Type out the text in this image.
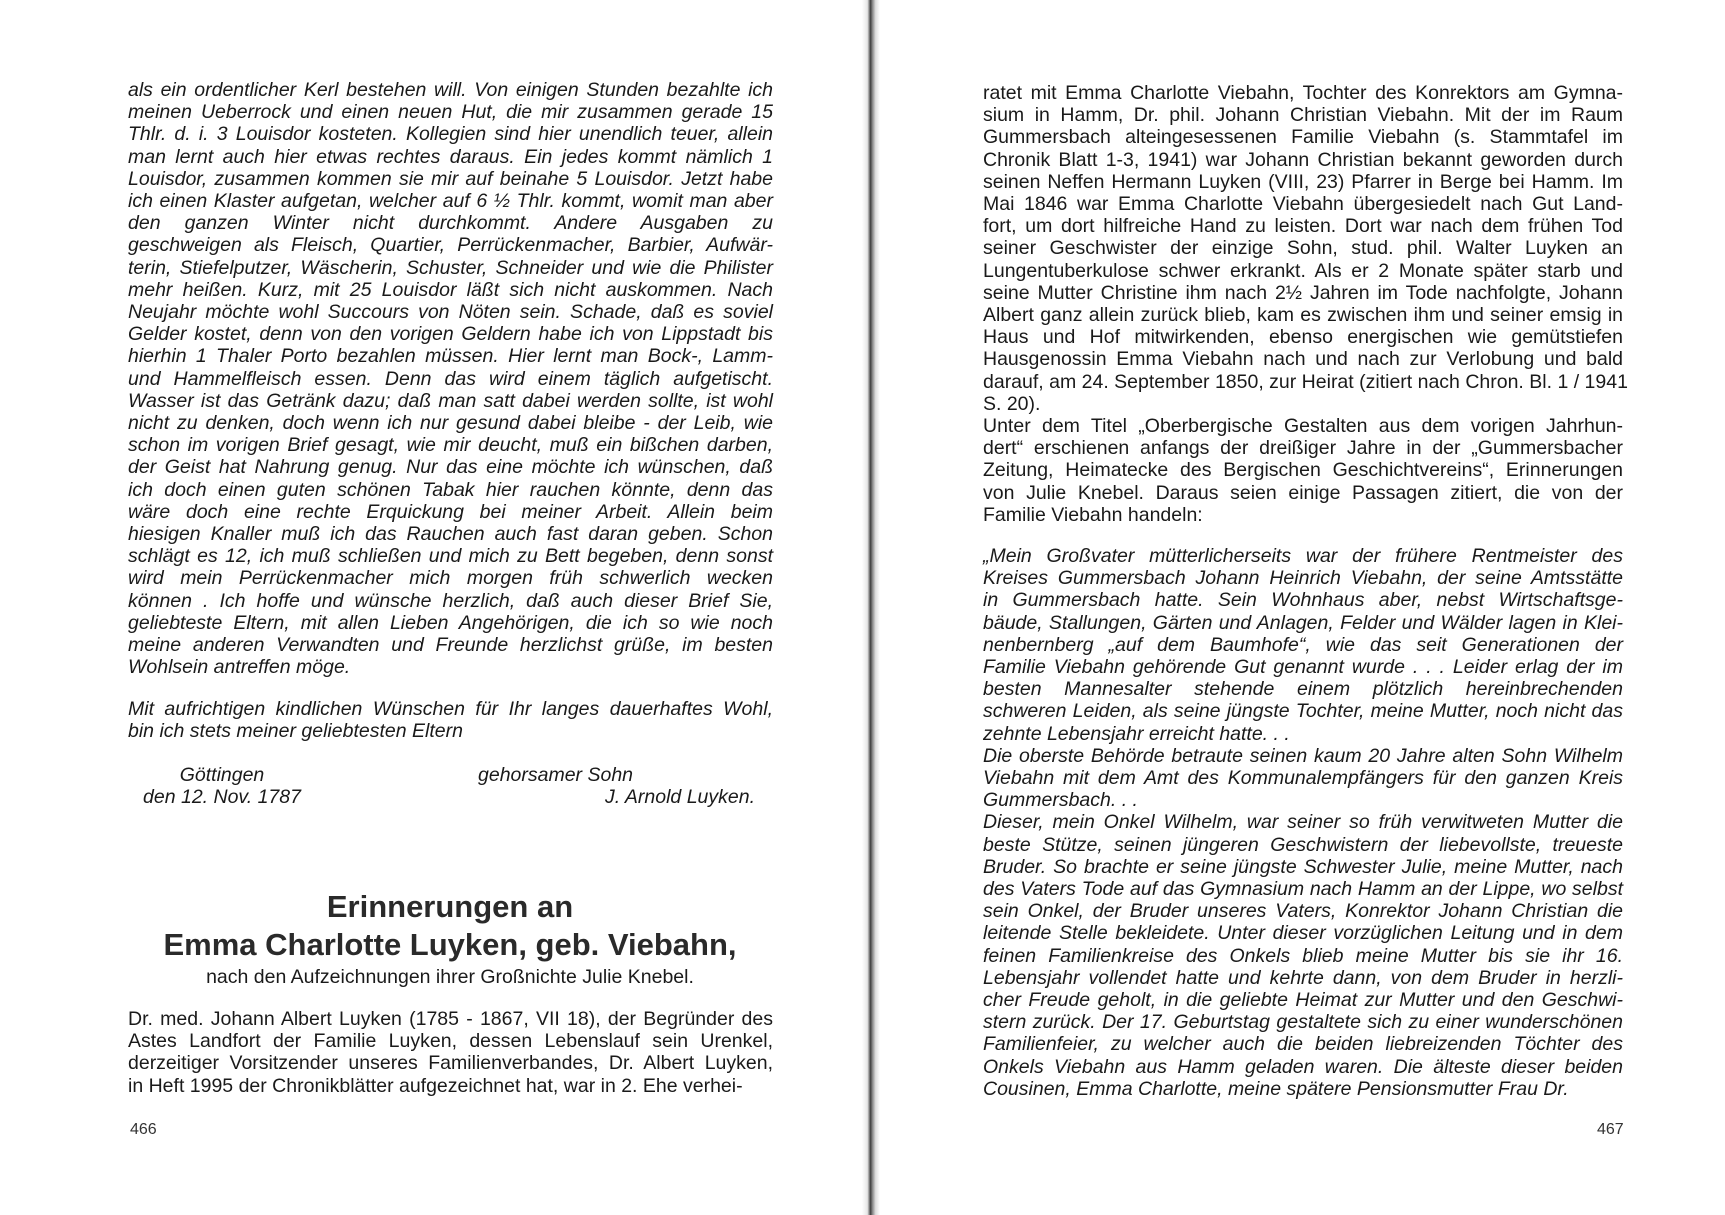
als ein ordentlicher Kerl bestehen will. Von einigen Stunden bezahlte ich
meinen Ueberrock und einen neuen Hut, die mir zusammen gerade 15
Thlr. d. i. 3 Louisdor kosteten. Kollegien sind hier unendlich teuer, allein
man lernt auch hier etwas rechtes daraus. Ein jedes kommt nämlich 1
Louisdor, zusammen kommen sie mir auf beinahe 5 Louisdor. Jetzt habe
ich einen Klaster aufgetan, welcher auf 6 ½ Thlr. kommt, womit man aber
den ganzen Winter nicht durchkommt. Andere Ausgaben zu
geschweigen als Fleisch, Quartier, Perrückenmacher, Barbier, Aufwär-
terin, Stiefelputzer, Wäscherin, Schuster, Schneider und wie die Philister
mehr heißen. Kurz, mit 25 Louisdor läßt sich nicht auskommen. Nach
Neujahr möchte wohl Succours von Nöten sein. Schade, daß es soviel
Gelder kostet, denn von den vorigen Geldern habe ich von Lippstadt bis
hierhin 1 Thaler Porto bezahlen müssen. Hier lernt man Bock-, Lamm-
und Hammelfleisch essen. Denn das wird einem täglich aufgetischt.
Wasser ist das Getränk dazu; daß man satt dabei werden sollte, ist wohl
nicht zu denken, doch wenn ich nur gesund dabei bleibe - der Leib, wie
schon im vorigen Brief gesagt, wie mir deucht, muß ein bißchen darben,
der Geist hat Nahrung genug. Nur das eine möchte ich wünschen, daß
ich doch einen guten schönen Tabak hier rauchen könnte, denn das
wäre doch eine rechte Erquickung bei meiner Arbeit. Allein beim
hiesigen Knaller muß ich das Rauchen auch fast daran geben. Schon
schlägt es 12, ich muß schließen und mich zu Bett begeben, denn sonst
wird mein Perrückenmacher mich morgen früh schwerlich wecken
können . Ich hoffe und wünsche herzlich, daß auch dieser Brief Sie,
geliebteste Eltern, mit allen Lieben Angehörigen, die ich so wie noch
meine anderen Verwandten und Freunde herzlichst grüße, im besten
Wohlsein antreffen möge.
Mit aufrichtigen kindlichen Wünschen für Ihr langes dauerhaftes Wohl,
bin ich stets meiner geliebtesten Eltern
Göttingen
den 12. Nov. 1787
gehorsamer Sohn
J. Arnold Luyken.
Erinnerungen an
Emma Charlotte Luyken, geb. Viebahn,

nach den Aufzeichnungen ihrer Großnichte Julie Knebel.

Dr. med. Johann Albert Luyken (1785 - 1867, VII 18), der Begründer des
Astes Landfort der Familie Luyken, dessen Lebenslauf sein Urenkel,
derzeitiger Vorsitzender unseres Familienverbandes, Dr. Albert Luyken,
in Heft 1995 der Chronikblätter aufgezeichnet hat, war in 2. Ehe verhei-
466	467
ratet mit Emma Charlotte Viebahn, Tochter des Konrektors am Gymna-
sium in Hamm, Dr. phil. Johann Christian Viebahn. Mit der im Raum
Gummersbach alteingesessenen Familie Viebahn (s. Stammtafel im
Chronik Blatt 1-3, 1941) war Johann Christian bekannt geworden durch
seinen Neffen Hermann Luyken (VIII, 23) Pfarrer in Berge bei Hamm. Im
Mai 1846 war Emma Charlotte Viebahn übergesiedelt nach Gut Land-
fort, um dort hilfreiche Hand zu leisten. Dort war nach dem frühen Tod
seiner Geschwister der einzige Sohn, stud. phil. Walter Luyken an
Lungentuberkulose schwer erkrankt. Als er 2 Monate später starb und
seine Mutter Christine ihm nach 2½ Jahren im Tode nachfolgte, Johann
Albert ganz allein zurück blieb, kam es zwischen ihm und seiner emsig in
Haus und Hof mitwirkenden, ebenso energischen wie gemütstiefen
Hausgenossin Emma Viebahn nach und nach zur Verlobung und bald
darauf, am 24. September 1850, zur Heirat (zitiert nach Chron. Bl. 1 / 1941
S. 20).
Unter dem Titel „Oberbergische Gestalten aus dem vorigen Jahrhun-
dert“ erschienen anfangs der dreißiger Jahre in der „Gummersbacher
Zeitung, Heimatecke des Bergischen Geschichtvereins“, Erinnerungen
von Julie Knebel. Daraus seien einige Passagen zitiert, die von der
Familie Viebahn handeln:
„Mein Großvater mütterlicherseits war der frühere Rentmeister des
Kreises Gummersbach Johann Heinrich Viebahn, der seine Amtsstätte
in Gummersbach hatte. Sein Wohnhaus aber, nebst Wirtschaftsge-
bäude, Stallungen, Gärten und Anlagen, Felder und Wälder lagen in Klei-
nenbernberg „auf dem Baumhofe“, wie das seit Generationen der
Familie Viebahn gehörende Gut genannt wurde . . . Leider erlag der im
besten Mannesalter stehende einem plötzlich hereinbrechenden
schweren Leiden, als seine jüngste Tochter, meine Mutter, noch nicht das
zehnte Lebensjahr erreicht hatte. . .
Die oberste Behörde betraute seinen kaum 20 Jahre alten Sohn Wilhelm
Viebahn mit dem Amt des Kommunalempfängers für den ganzen Kreis
Gummersbach. . .
Dieser, mein Onkel Wilhelm, war seiner so früh verwitweten Mutter die
beste Stütze, seinen jüngeren Geschwistern der liebevollste, treueste
Bruder. So brachte er seine jüngste Schwester Julie, meine Mutter, nach
des Vaters Tode auf das Gymnasium nach Hamm an der Lippe, wo selbst
sein Onkel, der Bruder unseres Vaters, Konrektor Johann Christian die
leitende Stelle bekleidete. Unter dieser vorzüglichen Leitung und in dem
feinen Familienkreise des Onkels blieb meine Mutter bis sie ihr 16.
Lebensjahr vollendet hatte und kehrte dann, von dem Bruder in herzli-
cher Freude geholt, in die geliebte Heimat zur Mutter und den Geschwi-
stern zurück. Der 17. Geburtstag gestaltete sich zu einer wunderschönen
Familienfeier, zu welcher auch die beiden liebreizenden Töchter des
Onkels Viebahn aus Hamm geladen waren. Die älteste dieser beiden
Cousinen, Emma Charlotte, meine spätere Pensionsmutter Frau Dr.
